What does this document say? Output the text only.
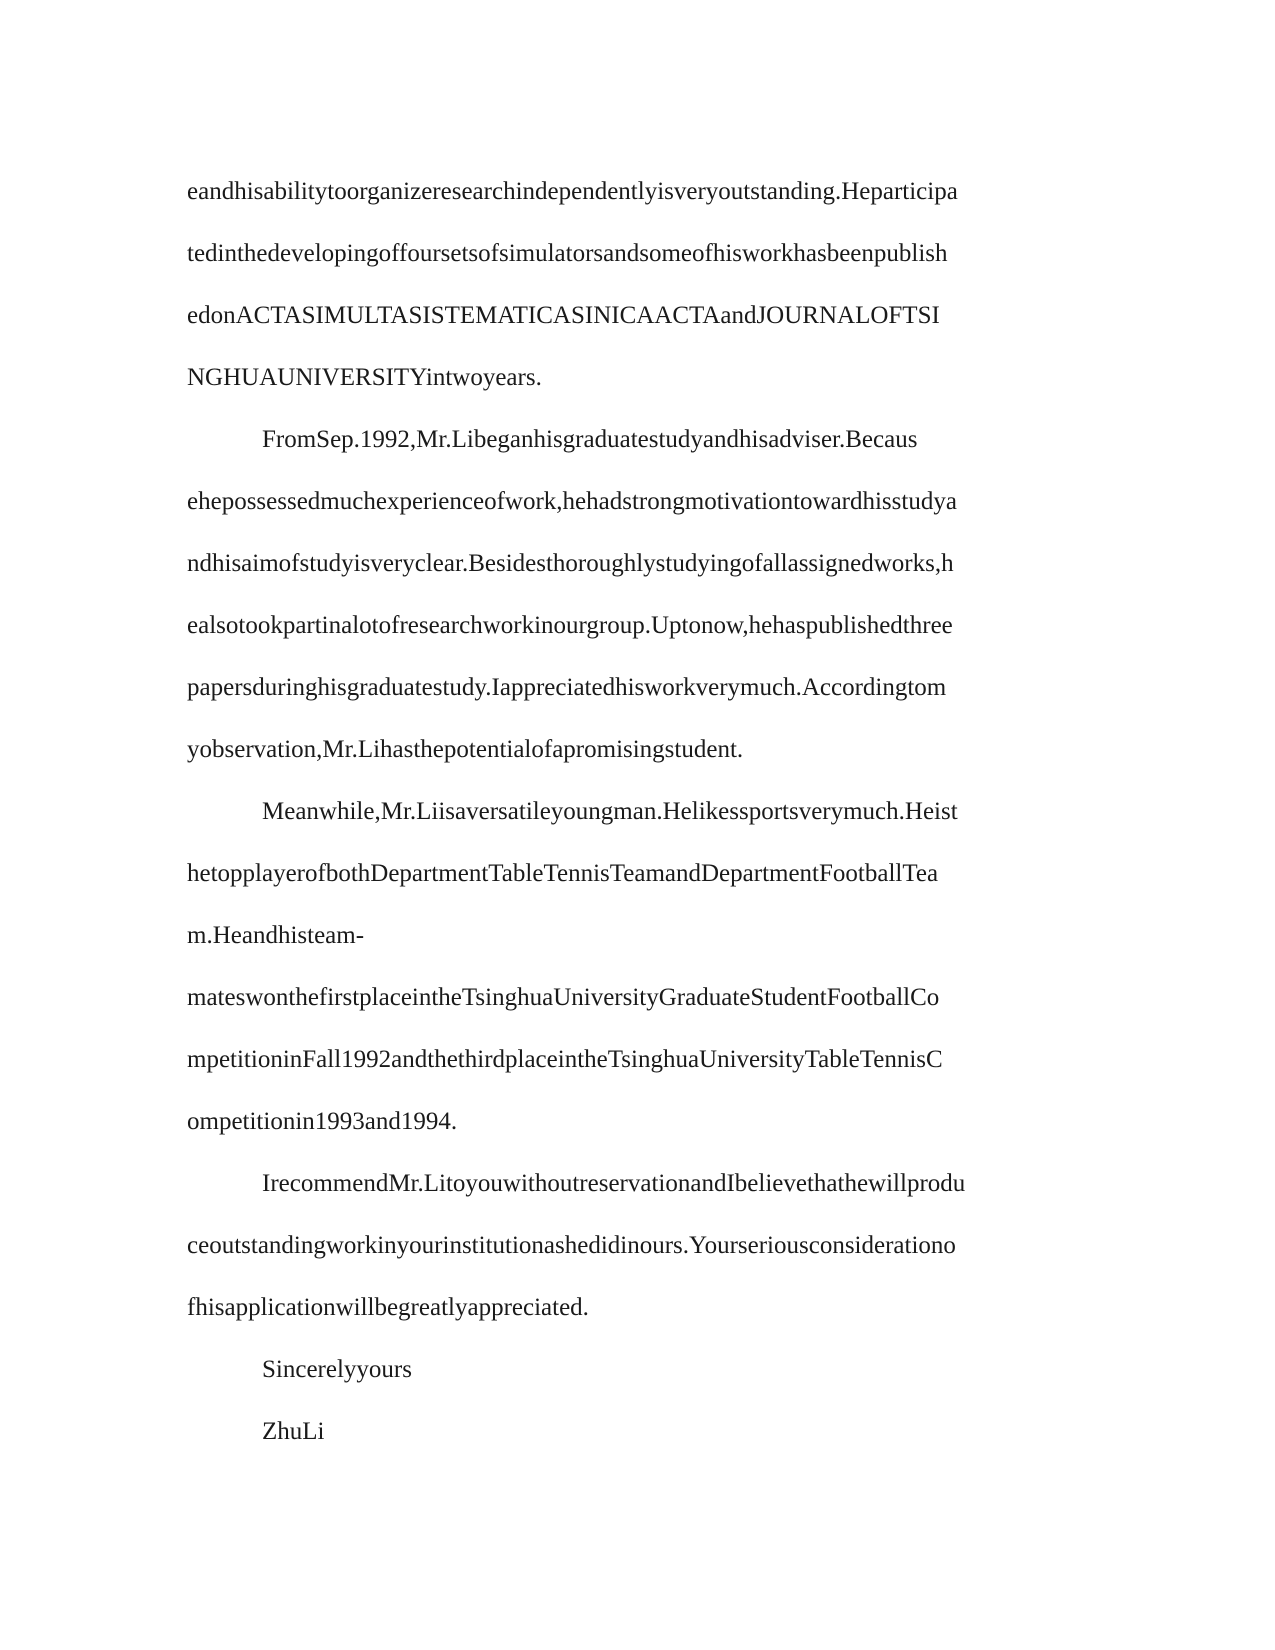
eandhisabilitytoorganizeresearchindependentlyisveryoutstanding.Heparticipa
tedinthedevelopingoffoursetsofsimulatorsandsomeofhisworkhasbeenpublish
edonACTASIMULTASISTEMATICASINICAACTAandJOURNALOFTSI
NGHUAUNIVERSITYintwoyears.
FromSep.1992,Mr.Libeganhisgraduatestudyandhisadviser.Becaus
ehepossessedmuchexperienceofwork,hehadstrongmotivationtowardhisstudya
ndhisaimofstudyisveryclear.Besidesthoroughlystudyingofallassignedworks,h
ealsotookpartinalotofresearchworkinourgroup.Uptonow,hehaspublishedthree
papersduringhisgraduatestudy.Iappreciatedhisworkverymuch.Accordingtom
yobservation,Mr.Lihasthepotentialofapromisingstudent.
Meanwhile,Mr.Liisaversatileyoungman.Helikessportsverymuch.Heist
hetopplayerofbothDepartmentTableTennisTeamandDepartmentFootballTea
m.Heandhisteam-
mateswonthefirstplaceintheTsinghuaUniversityGraduateStudentFootballCo
mpetitioninFall1992andthethirdplaceintheTsinghuaUniversityTableTennisC
ompetitionin1993and1994.
IrecommendMr.LitoyouwithoutreservationandIbelievethathewillprodu
ceoutstandingworkinyourinstitutionashedidinours.Yourseriousconsiderationo
fhisapplicationwillbegreatlyappreciated.
Sincerelyyours
ZhuLi
